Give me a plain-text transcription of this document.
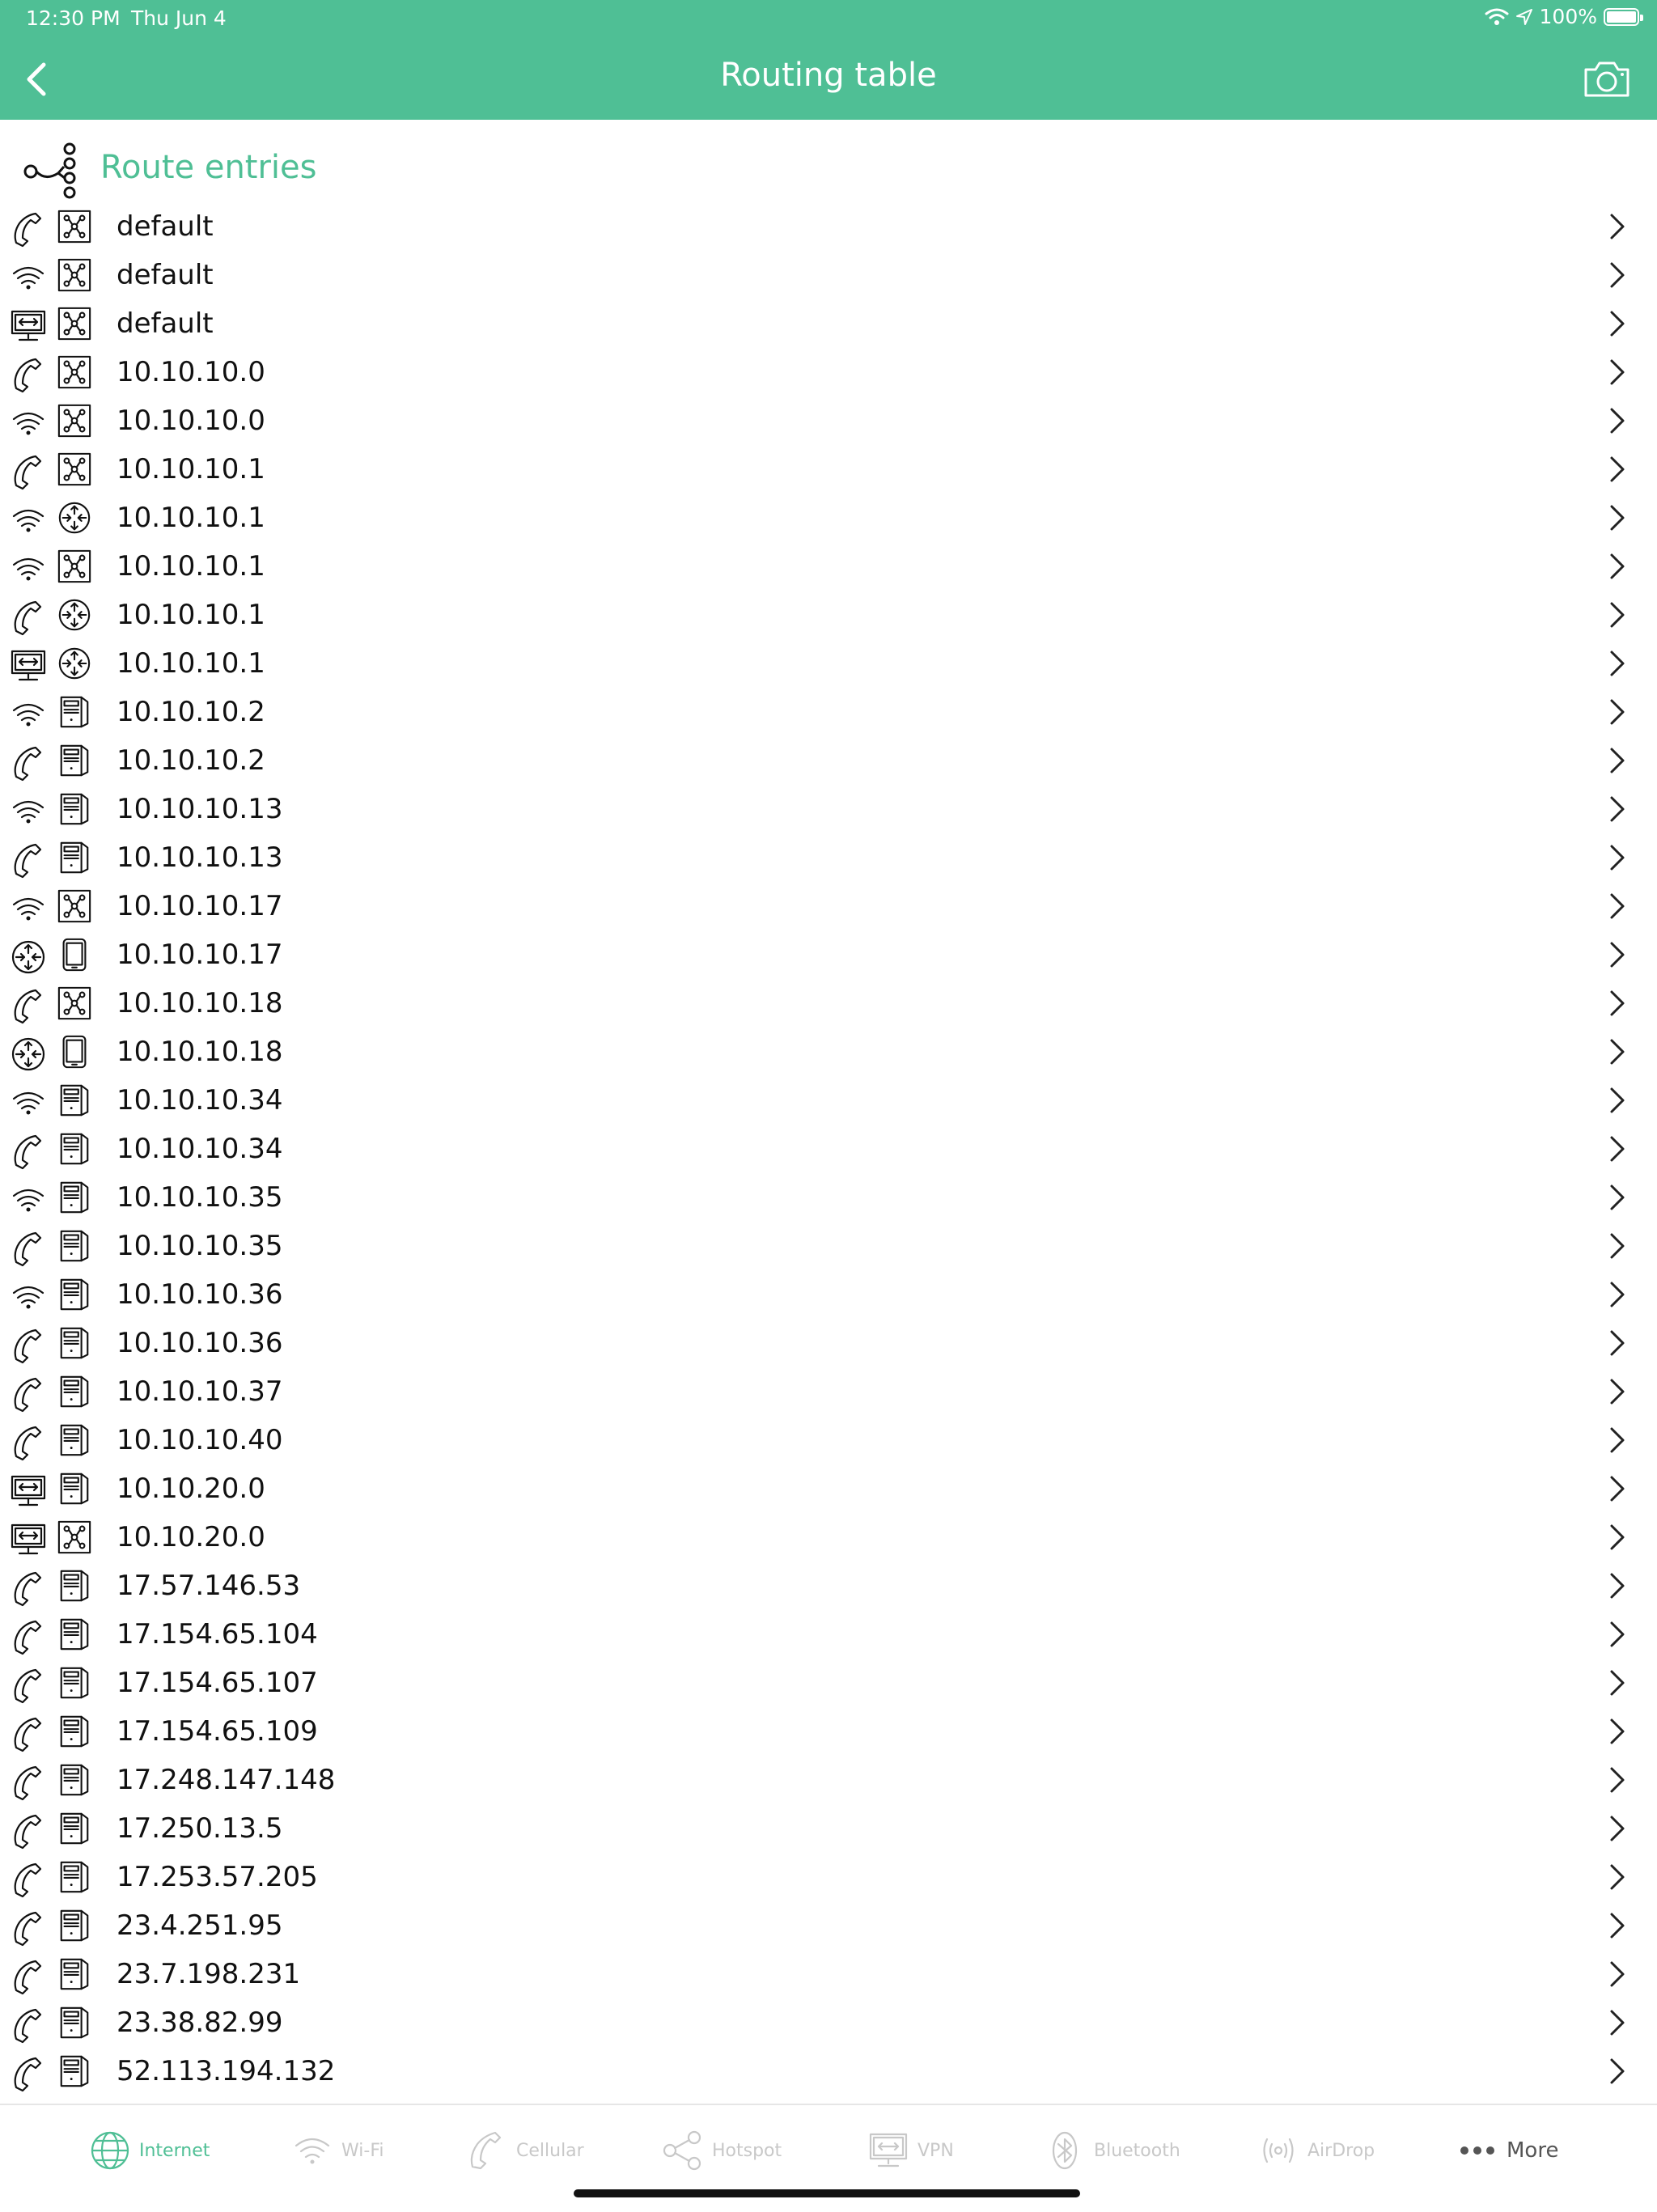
12:30 PM Thu Jun 4	100%
Routing table
Route entries
default
default
default
10.10.10.0
10.10.10.0
10.10.10.1
10.10.10.1
10.10.10.1
10.10.10.1
10.10.10.1
10.10.10.2
10.10.10.2
10.10.10.13
10.10.10.13
10.10.10.17
10.10.10.17
10.10.10.18
10.10.10.18
10.10.10.34
10.10.10.34
10.10.10.35
10.10.10.35
10.10.10.36
10.10.10.36
10.10.10.37
10.10.10.40
10.10.20.0
10.10.20.0
17.57.146.53
17.154.65.104
17.154.65.107
17.154.65.109
17.248.147.148
17.250.13.5
17.253.57.205
23.4.251.95
23.7.198.231
23.38.82.99
52.113.194.132
Internet	Wi-Fi	Cellular	Hotspot	VPN	Bluetooth	AirDrop	More
